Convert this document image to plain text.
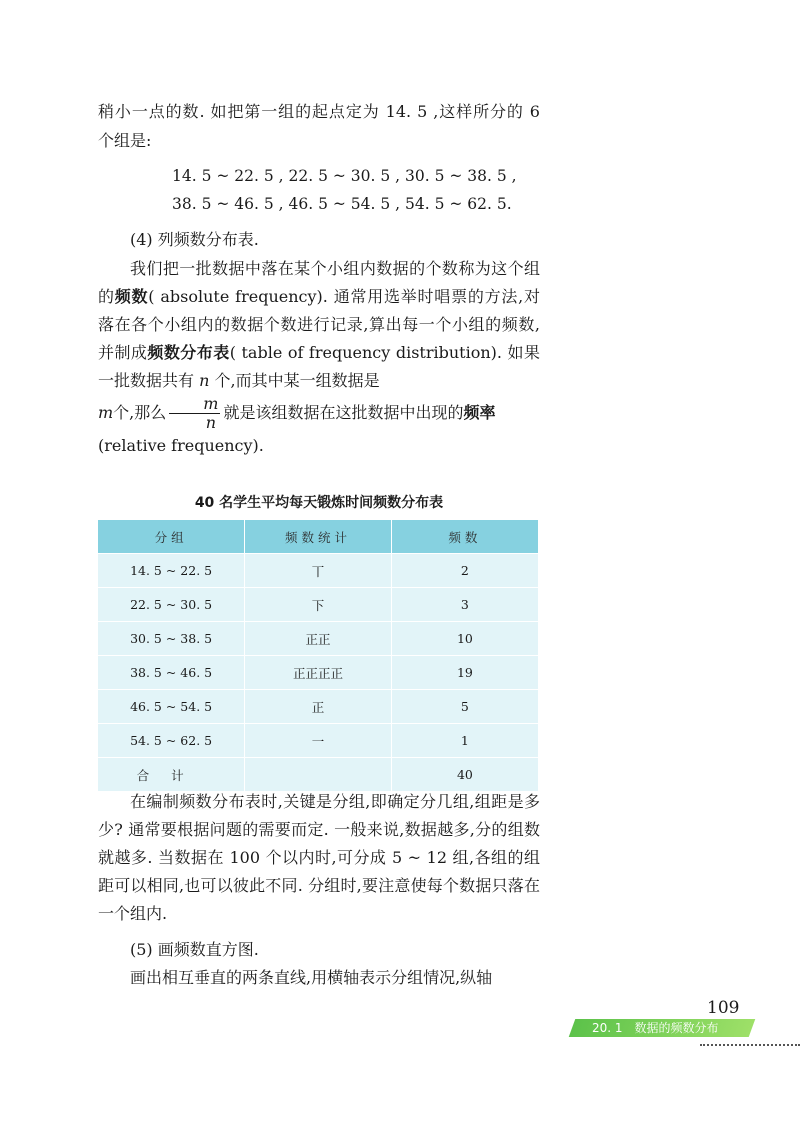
稍小一点的数. 如把第一组的起点定为 14. 5 ,这样所分的 6

个组是:

14. 5 ~ 22. 5 , 22. 5 ~ 30. 5 , 30. 5 ~ 38. 5 ,
38. 5 ~ 46. 5 , 46. 5 ~ 54. 5 , 54. 5 ~ 62. 5.

(4) 列频数分布表.

我们把一批数据中落在某个小组内数据的个数称为这个组的频数( absolute frequency). 通常用选举时唱票的方法,对落在各个小组内的数据个数进行记录,算出每一个小组的频数,并制成频数分布表( table of frequency distribution). 如果一批数据共有 n 个,而其中某一组数据是
m个,那么 $\frac{m}{n}$ 就是该组数据在这批数据中出现的频率
(relative frequency).

40 名学生平均每天锻炼时间频数分布表
分组	频数统计	频数
14. 5 ~ 22. 5	丅	2
22. 5 ~ 30. 5	下	3
30. 5 ~ 38. 5	正正	10
38. 5 ~ 46. 5	正正正正	19
46. 5 ~ 54. 5	正	5
54. 5 ~ 62. 5	一	1
合计		40

在编制频数分布表时,关键是分组,即确定分几组,组距是多少? 通常要根据问题的需要而定. 一般来说,数据越多,分的组数就越多. 当数据在 100 个以内时,可分成 5 ~ 12 组,各组的组距可以相同,也可以彼此不同. 分组时,要注意使每个数据只落在一个组内.

(5) 画频数直方图.

画出相互垂直的两条直线,用横轴表示分组情况,纵轴

109
20. 1 数据的频数分布
